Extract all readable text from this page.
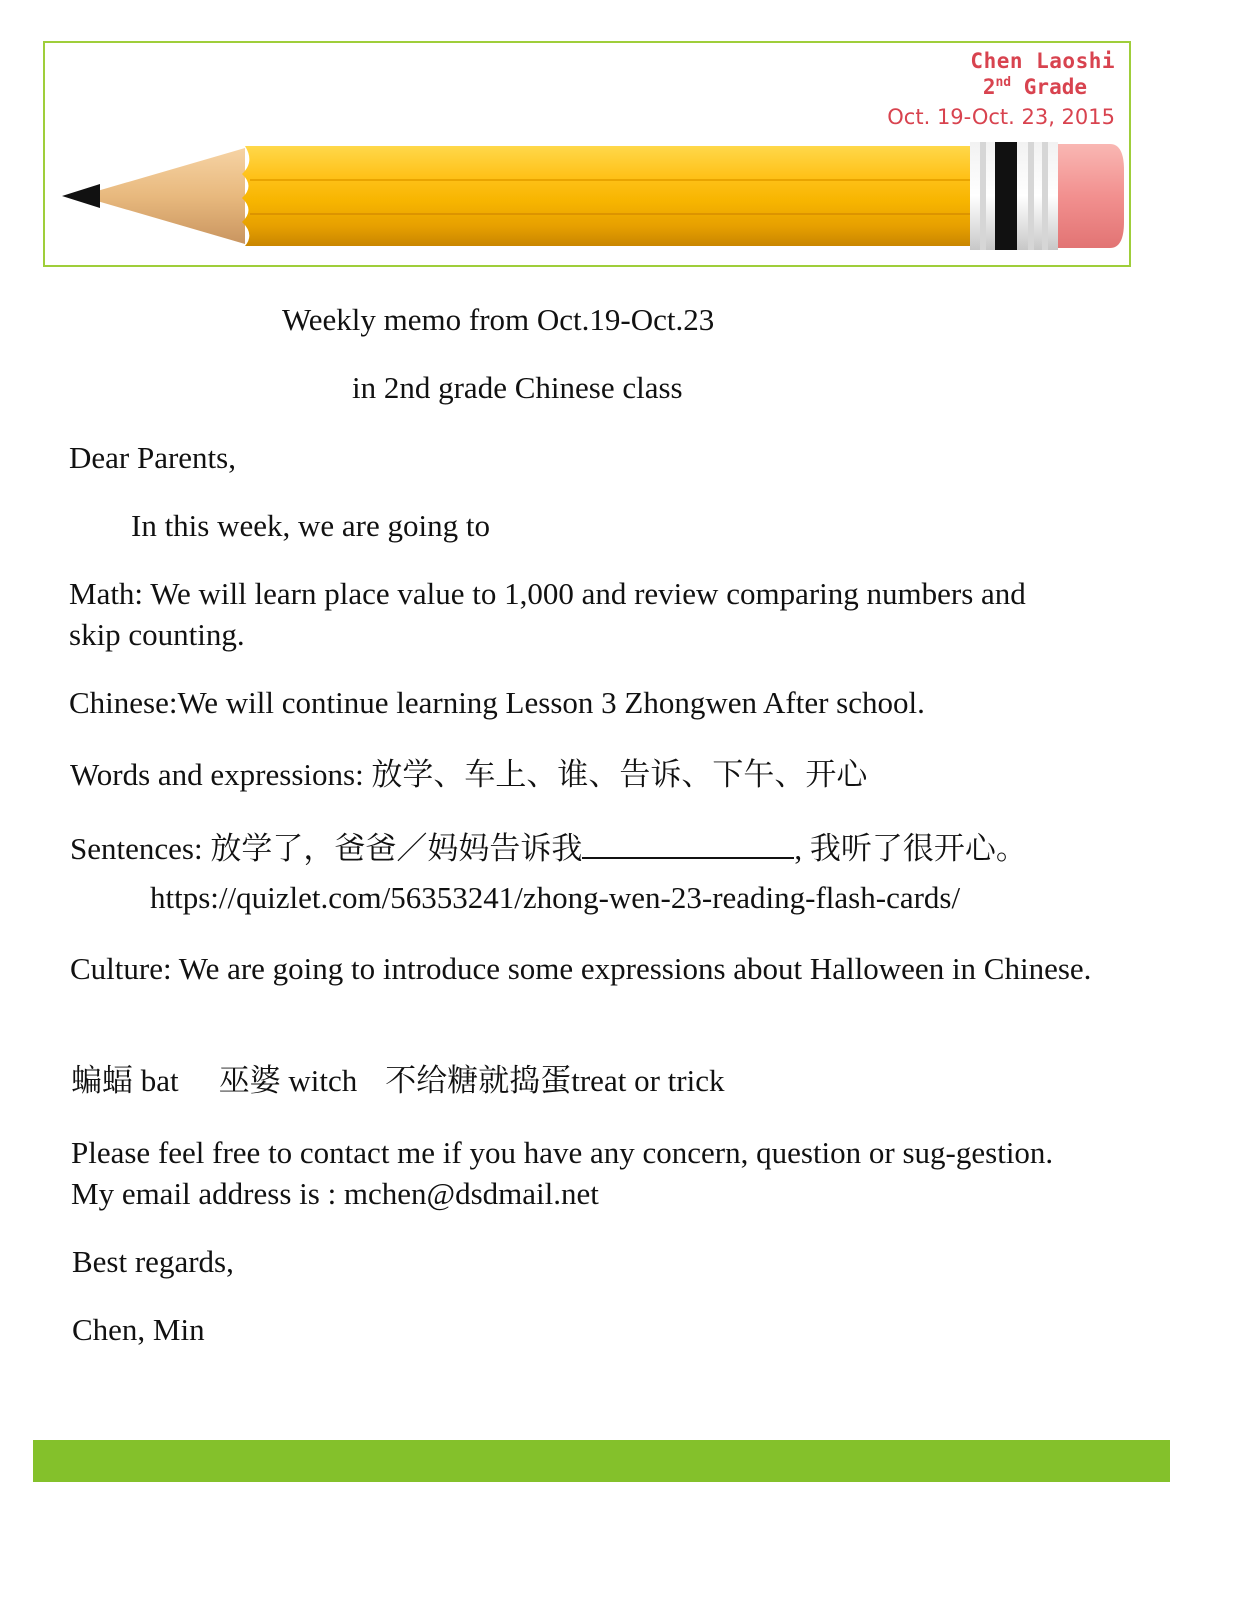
Chen Laoshi
2nd Grade
Oct. 19-Oct. 23, 2015
Weekly memo from Oct.19-Oct.23
in 2nd grade Chinese class

Dear Parents,

In this week, we are going to

Math: We will learn place value to 1,000 and review comparing numbers and skip counting.

Chinese:We will continue learning Lesson 3 Zhongwen After school.

Words and expressions: 放学、车上、谁、告诉、下午、开心

Sentences: 放学了，爸爸／妈妈告诉我	, 我听了很开心。
https://quizlet.com/56353241/zhong-wen-23-reading-flash-cards/

Culture: We are going to introduce some expressions about Halloween in Chinese.

蝙蝠 bat 巫婆 witch 不给糖就捣蛋treat or trick

Please feel free to contact me if you have any concern, question or sug-gestion. My email address is : mchen@dsdmail.net

Best regards,

Chen, Min
